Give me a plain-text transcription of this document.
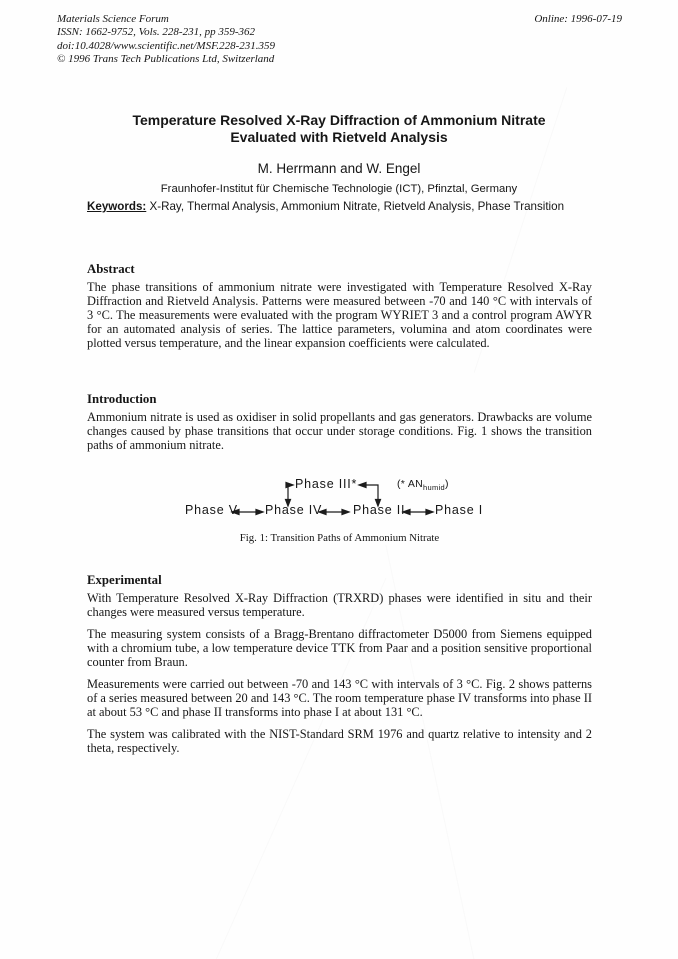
Materials Science Forum
ISSN: 1662-9752, Vols. 228-231, pp 359-362
doi:10.4028/www.scientific.net/MSF.228-231.359
© 1996 Trans Tech Publications Ltd, Switzerland
Online: 1996-07-19
Temperature Resolved X-Ray Diffraction of Ammonium Nitrate
Evaluated with Rietveld Analysis
M. Herrmann and W. Engel
Fraunhofer-Institut für Chemische Technologie (ICT), Pfinztal, Germany
Keywords: X-Ray, Thermal Analysis, Ammonium Nitrate, Rietveld Analysis, Phase Transition
Abstract

The phase transitions of ammonium nitrate were investigated with Temperature Resolved X-Ray Diffraction and Rietveld Analysis. Patterns were measured between -70 and 140 °C with intervals of 3 °C. The measurements were evaluated with the program WYRIET 3 and a control program AWYR for an automated analysis of series. The lattice parameters, volumina and atom coordinates were plotted versus temperature, and the linear expansion coefficients were calculated.

Introduction

Ammonium nitrate is used as oxidiser in solid propellants and gas generators. Drawbacks are volume changes caused by phase transitions that occur under storage conditions. Fig. 1 shows the transition paths of ammonium nitrate.

Phase III*	(* $AN_{humid}$)
Phase V Phase IV Phase II Phase I
Fig. 1: Transition Paths of Ammonium Nitrate
Experimental

With Temperature Resolved X-Ray Diffraction (TRXRD) phases were identified in situ and their changes were measured versus temperature.

The measuring system consists of a Bragg-Brentano diffractometer D5000 from Siemens equipped with a chromium tube, a low temperature device TTK from Paar and a position sensitive proportional counter from Braun.

Measurements were carried out between -70 and 143 °C with intervals of 3 °C. Fig. 2 shows patterns of a series measured between 20 and 143 °C. The room temperature phase IV transforms into phase II at about 53 °C and phase II transforms into phase I at about 131 °C.

The system was calibrated with the NIST-Standard SRM 1976 and quartz relative to intensity and 2 theta, respectively.
